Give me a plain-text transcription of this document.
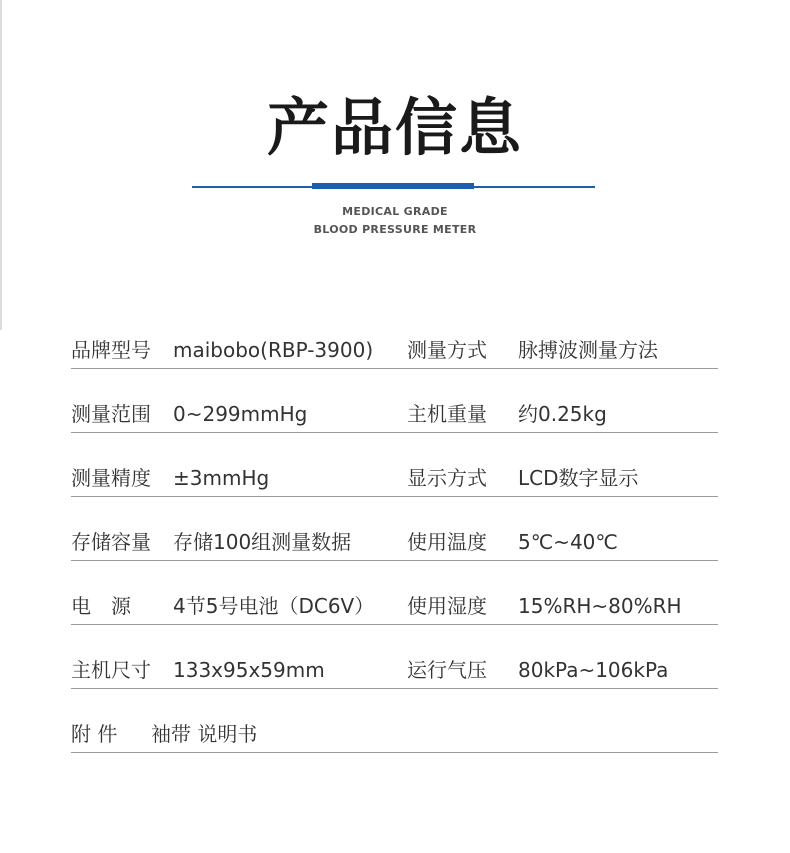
产品信息
MEDICAL GRADE
BLOOD PRESSURE METER
品牌型号 maibobo(RBP-3900) 测量方式 脉搏波测量方法
测量范围 0~299mmHg	主机重量 约0.25kg
测量精度 ±3mmHg	显示方式 LCD数字显示
存储容量 存储100组测量数据	使用温度 5℃~40℃
电　源 4节5号电池（DC6V） 使用湿度 15%RH~80%RH
主机尺寸 133x95x59mm	运行气压 80kPa~106kPa
附 件 袖带 说明书
